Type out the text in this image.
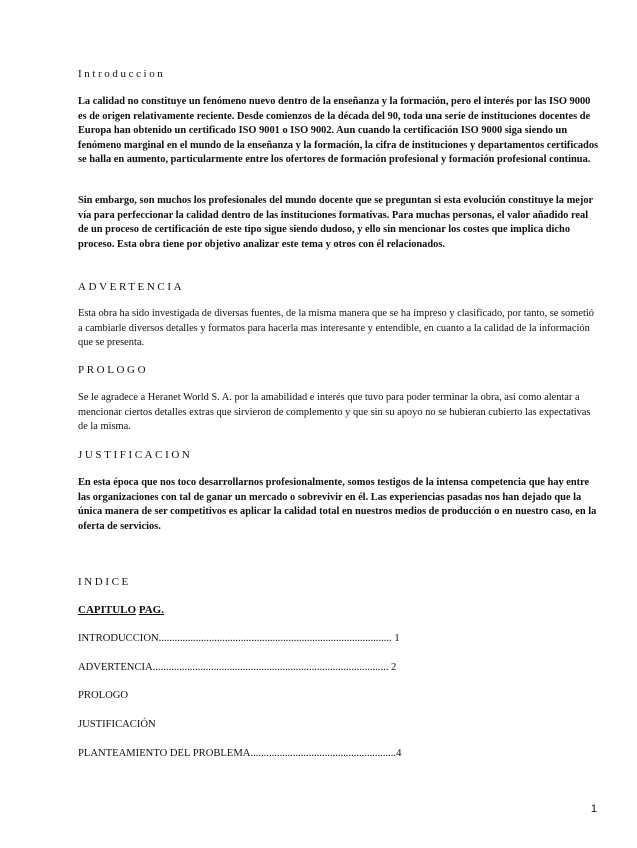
Introduccion

La calidad no constituye un fenómeno nuevo dentro de la enseñanza y la formación, pero el interés por las ISO 9000 es de origen relativamente reciente. Desde comienzos de la década del 90, toda una serie de instituciones docentes de Europa han obtenido un certificado ISO 9001 o ISO 9002. Aun cuando la certificación ISO 9000 siga siendo un fenómeno marginal en el mundo de la enseñanza y la formación, la cifra de instituciones y departamentos certificados se halla en aumento, particularmente entre los ofertores de formación profesional y formación profesional continua.

Sin embargo, son muchos los profesionales del mundo docente que se preguntan si esta evolución constituye la mejor vía para perfeccionar la calidad dentro de las instituciones formativas. Para muchas personas, el valor añadido real de un proceso de certificación de este tipo sigue siendo dudoso, y ello sin mencionar los costes que implica dicho proceso. Esta obra tiene por objetivo analizar este tema y otros con él relacionados.

ADVERTENCIA

Esta obra ha sido investigada de diversas fuentes, de la misma manera que se ha impreso y clasificado, por tanto, se sometió a cambiarle diversos detalles y formatos para hacerla mas interesante y entendible, en cuanto a la calidad de la información que se presenta.

PROLOGO

Se le agradece a Heranet World S. A. por la amabilidad e interés que tuvo para poder terminar la obra, así como alentar a mencionar ciertos detalles extras que sirvieron de complemento y que sin su apoyo no se hubieran cubierto las expectativas de la misma.

JUSTIFICACION

En esta época que nos toco desarrollarnos profesionalmente, somos testigos de la intensa competencia que hay entre las organizaciones con tal de ganar un mercado o sobrevivir en él. Las experiencias pasadas nos han dejado que la única manera de ser competitivos es aplicar la calidad total en nuestros medios de producción o en nuestro caso, en la oferta de servicios.

INDICE
CAPITULO PAG.
INTRODUCCION........................................................................................ 1
ADVERTENCIA......................................................................................... 2
PROLOGO
JUSTIFICACIÓN
PLANTEAMIENTO DEL PROBLEMA.......................................................4
1
